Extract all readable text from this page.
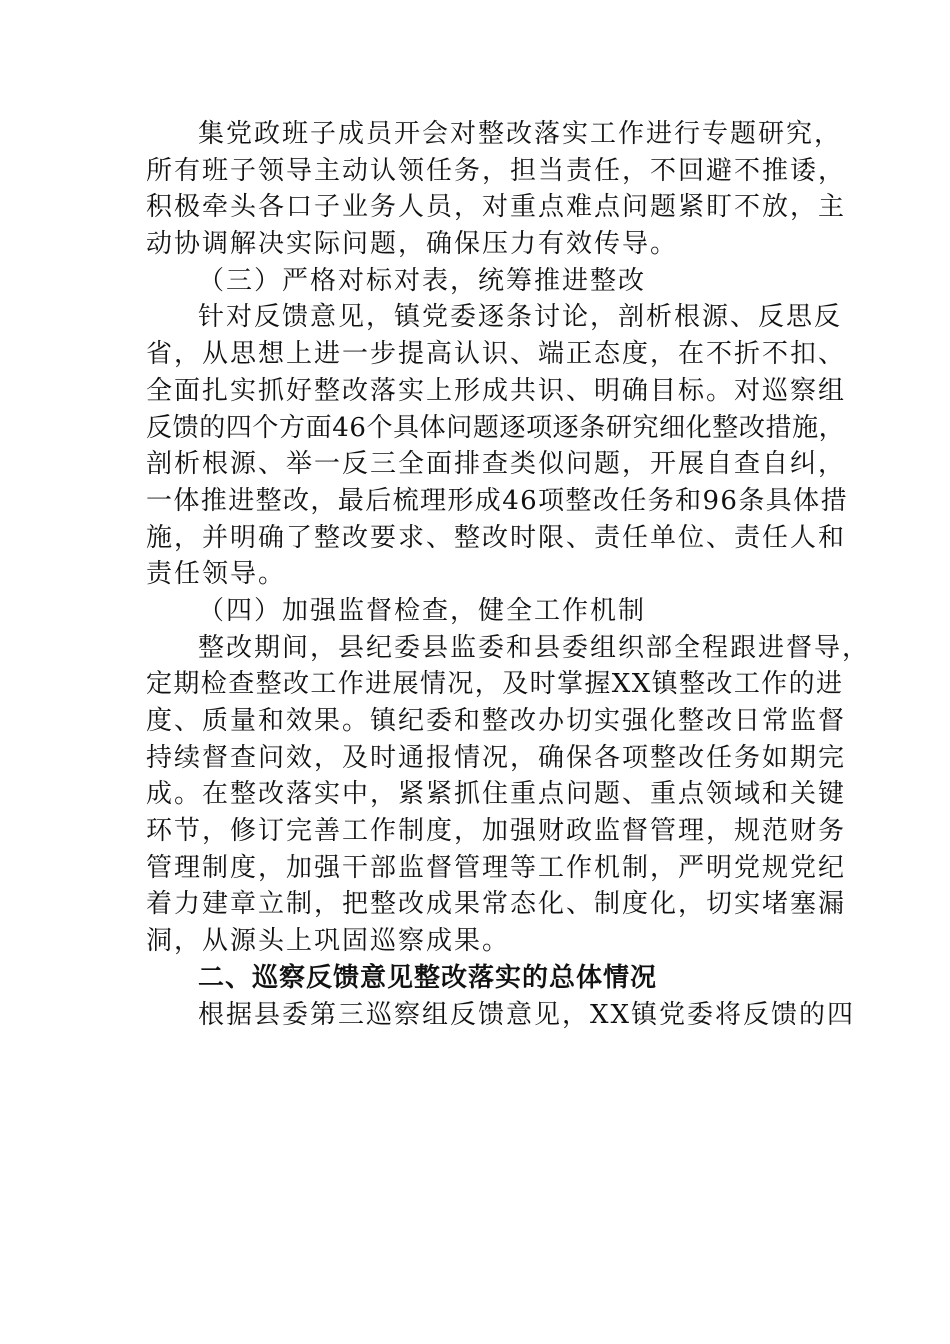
集党政班子成员开会对整改落实工作进行专题研究，
所有班子领导主动认领任务，担当责任，不回避不推诿，
积极牵头各口子业务人员，对重点难点问题紧盯不放，主
动协调解决实际问题，确保压力有效传导。
（三）严格对标对表，统筹推进整改
针对反馈意见，镇党委逐条讨论，剖析根源、反思反
省，从思想上进一步提高认识、端正态度，在不折不扣、
全面扎实抓好整改落实上形成共识、明确目标。对巡察组
反馈的四个方面46个具体问题逐项逐条研究细化整改措施，
剖析根源、举一反三全面排查类似问题，开展自查自纠，
一体推进整改，最后梳理形成46项整改任务和96条具体措
施，并明确了整改要求、整改时限、责任单位、责任人和
责任领导。
（四）加强监督检查，健全工作机制
整改期间，县纪委县监委和县委组织部全程跟进督导，
定期检查整改工作进展情况，及时掌握XX镇整改工作的进
度、质量和效果。镇纪委和整改办切实强化整改日常监督
持续督查问效，及时通报情况，确保各项整改任务如期完
成。在整改落实中，紧紧抓住重点问题、重点领域和关键
环节，修订完善工作制度，加强财政监督管理，规范财务
管理制度，加强干部监督管理等工作机制，严明党规党纪
着力建章立制，把整改成果常态化、制度化，切实堵塞漏
洞，从源头上巩固巡察成果。
二、巡察反馈意见整改落实的总体情况
根据县委第三巡察组反馈意见，XX镇党委将反馈的四
